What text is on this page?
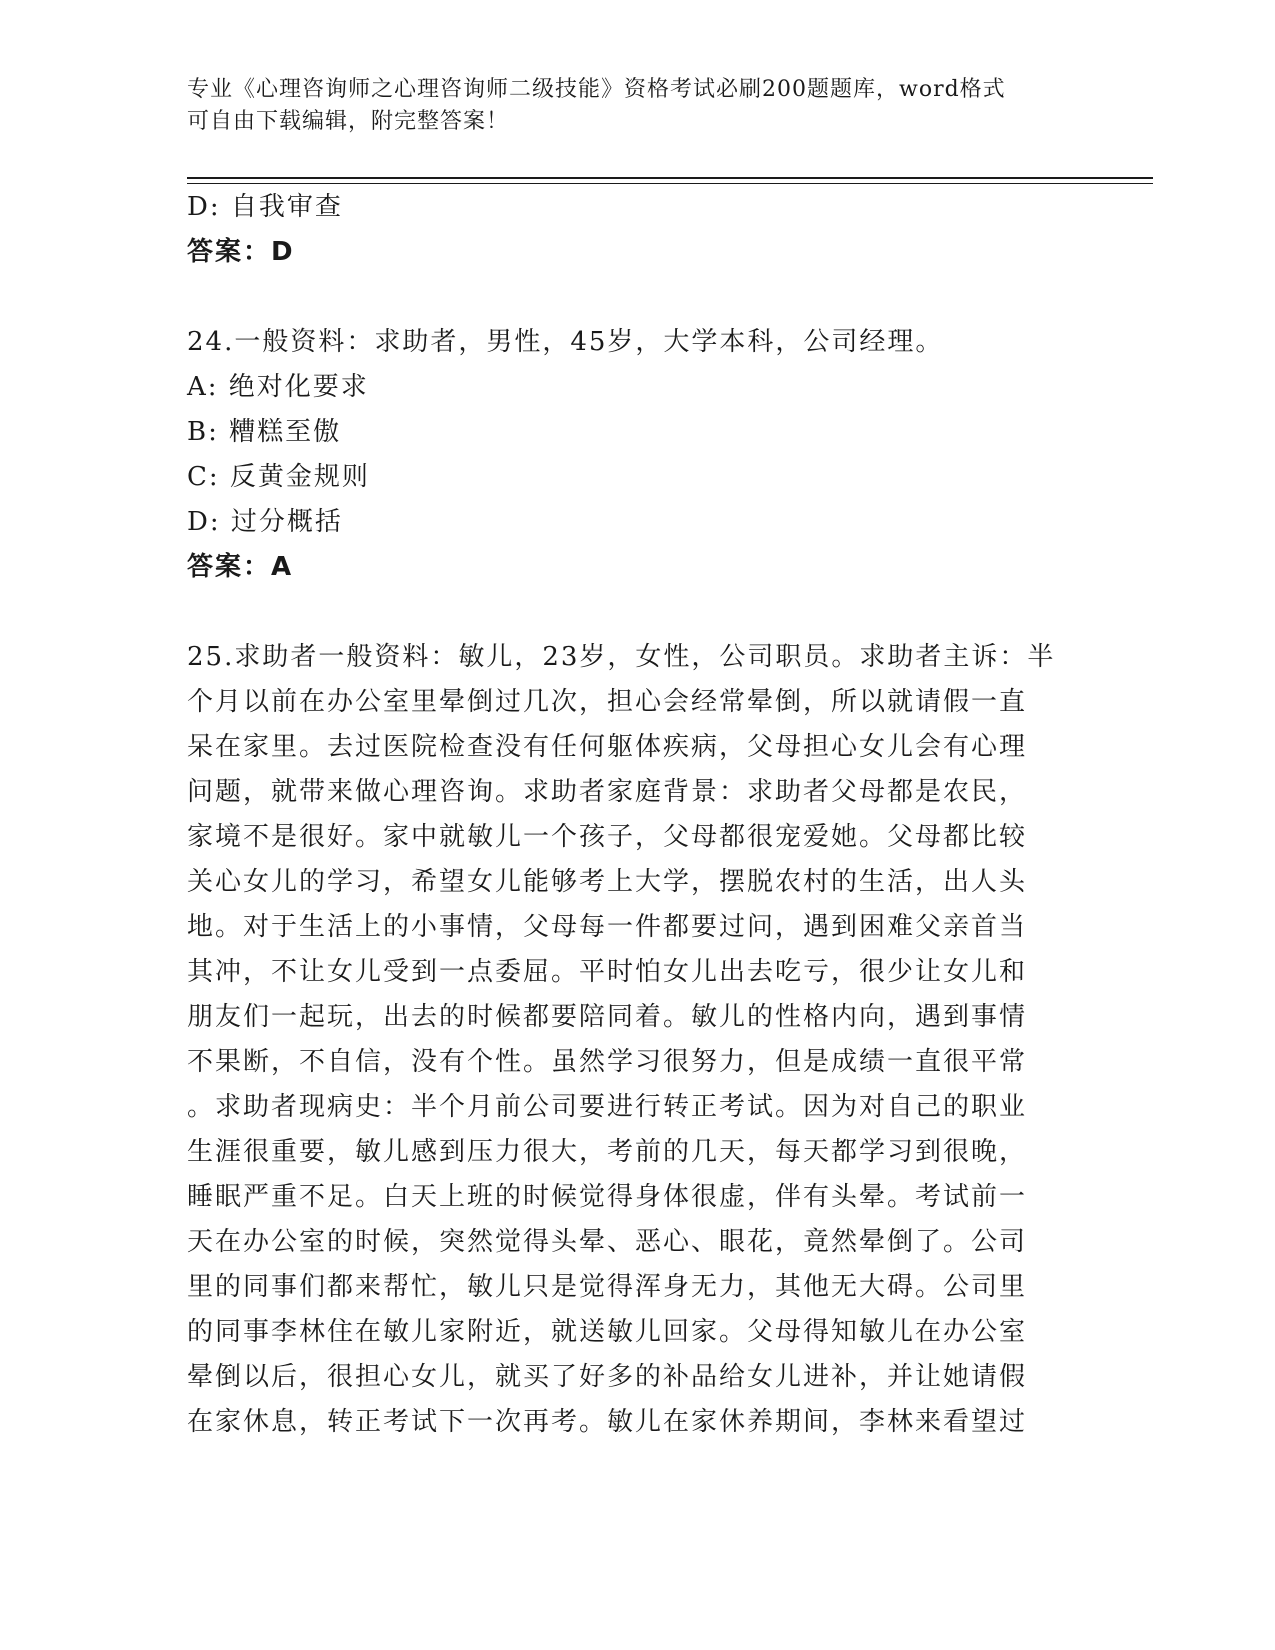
专业《心理咨询师之心理咨询师二级技能》资格考试必刷200题题库，word格式
可自由下载编辑，附完整答案！
D: 自我审查
答案：D
24.一般资料：求助者，男性，45岁，大学本科，公司经理。
A: 绝对化要求
B: 糟糕至傲
C: 反黄金规则
D: 过分概括
答案：A
25.求助者一般资料：敏儿，23岁，女性，公司职员。求助者主诉：半
个月以前在办公室里晕倒过几次，担心会经常晕倒，所以就请假一直
呆在家里。去过医院检查没有任何躯体疾病，父母担心女儿会有心理
问题，就带来做心理咨询。求助者家庭背景：求助者父母都是农民，
家境不是很好。家中就敏儿一个孩子，父母都很宠爱她。父母都比较
关心女儿的学习，希望女儿能够考上大学，摆脱农村的生活，出人头
地。对于生活上的小事情，父母每一件都要过问，遇到困难父亲首当
其冲，不让女儿受到一点委屈。平时怕女儿出去吃亏，很少让女儿和
朋友们一起玩，出去的时候都要陪同着。敏儿的性格内向，遇到事情
不果断，不自信，没有个性。虽然学习很努力，但是成绩一直很平常
。求助者现病史：半个月前公司要进行转正考试。因为对自己的职业
生涯很重要，敏儿感到压力很大，考前的几天，每天都学习到很晚，
睡眠严重不足。白天上班的时候觉得身体很虚，伴有头晕。考试前一
天在办公室的时候，突然觉得头晕、恶心、眼花，竟然晕倒了。公司
里的同事们都来帮忙，敏儿只是觉得浑身无力，其他无大碍。公司里
的同事李林住在敏儿家附近，就送敏儿回家。父母得知敏儿在办公室
晕倒以后，很担心女儿，就买了好多的补品给女儿进补，并让她请假
在家休息，转正考试下一次再考。敏儿在家休养期间，李林来看望过
